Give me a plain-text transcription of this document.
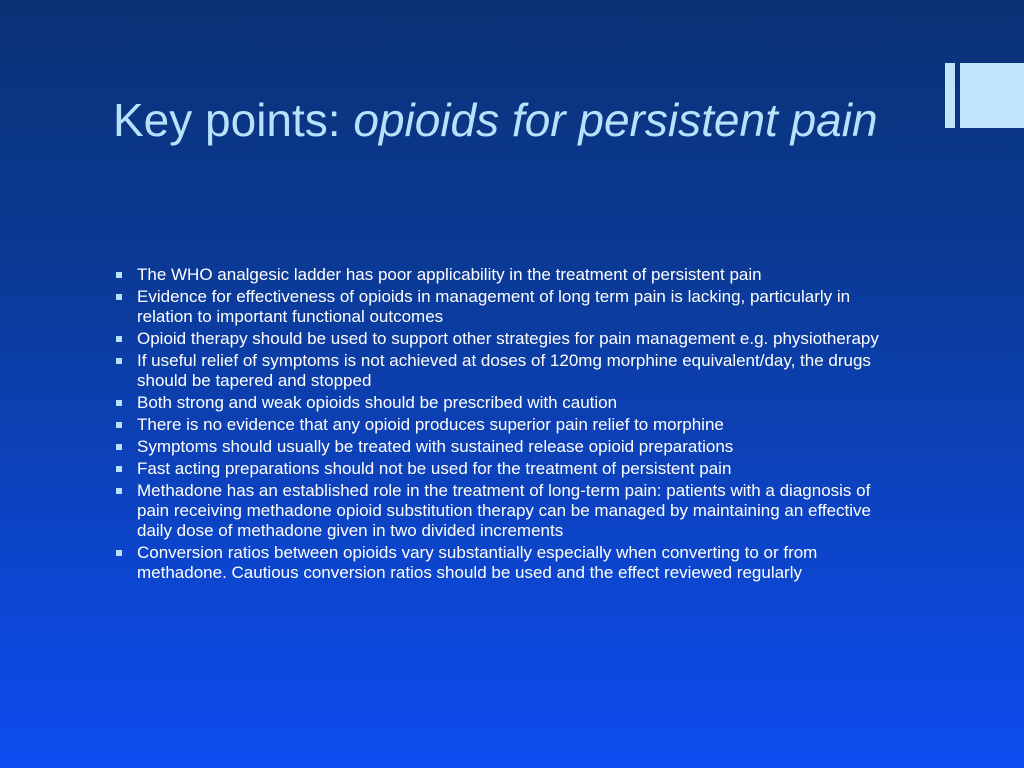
Key points: opioids for persistent pain
The WHO analgesic ladder has poor applicability in the treatment of persistent pain
Evidence for effectiveness of opioids in management of long term pain is lacking, particularly in relation to important functional outcomes
Opioid therapy should be used to support other strategies for pain management e.g. physiotherapy
If useful relief of symptoms is not achieved at doses of 120mg morphine equivalent/day, the drugs should be tapered and stopped
Both strong and weak opioids should be prescribed with caution
There is no evidence that any opioid produces superior pain relief to morphine
Symptoms should usually be treated with sustained release opioid preparations
Fast acting preparations should not be used for the treatment of persistent pain
Methadone has an established role in the treatment of long-term pain: patients with a diagnosis of pain receiving methadone opioid substitution therapy can be managed by maintaining an effective daily dose of methadone given in two divided increments
Conversion ratios between opioids vary substantially especially when converting to or from methadone. Cautious conversion ratios should be used and the effect reviewed regularly
